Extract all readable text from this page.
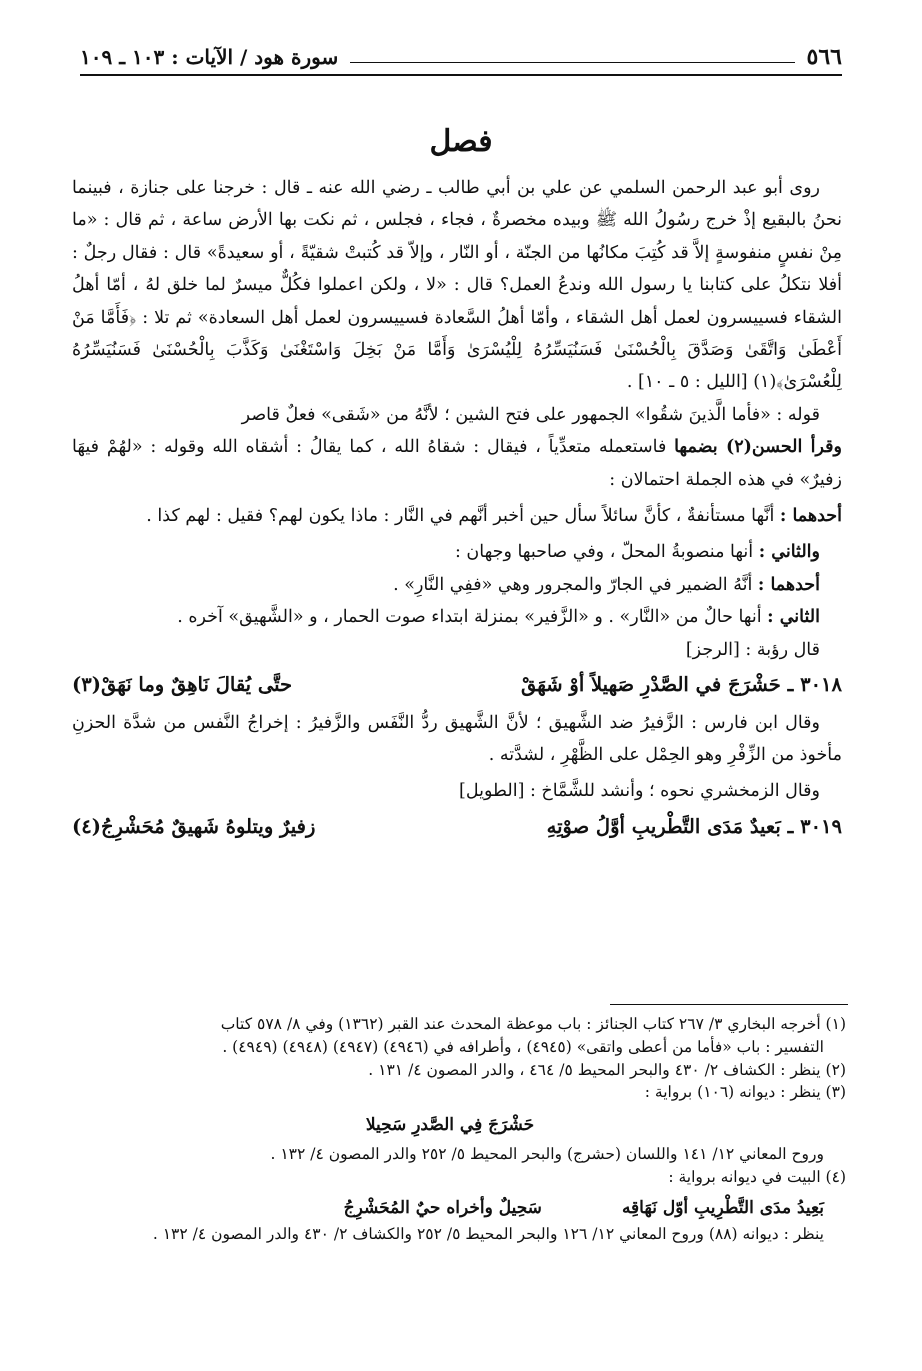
٥٦٦
سورة هود / الآيات : ١٠٣ ـ ١٠٩
فصل

روى أبو عبد الرحمن السلمي عن علي بن أبي طالب ـ رضي الله عنه ـ قال : خرجنا على جنازة ، فبينما نحنُ بالبقيع إذْ خرج رسُولُ الله ﷺ وبيده مخصرةٌ ، فجاء ، فجلس ، ثم نكت بها الأرض ساعة ، ثم قال : «ما مِنْ نفسٍ منفوسةٍ إلاَّ قد كُتِبَ مكانُها من الجنّة ، أو النّار ، وإلاّ قد كُتبتْ شقيّةً ، أو سعيدةً» قال : فقال رجلٌ : أفلا نتكلُ على كتابنا يا رسول الله وندعُ العمل؟ قال : «لا ، ولكن اعملوا فكُلٌّ ميسرٌ لما خلق لهُ ، أمّا أهلُ الشقاء فسييسرون لعمل أهل الشقاء ، وأمّا أهلُ السَّعادة فسييسرون لعمل أهل السعادة» ثم تلا : ﴿فَأَمَّا مَنْ أَعْطَىٰ وَاتَّقَىٰ وَصَدَّقَ بِالْحُسْنَىٰ فَسَنُيَسِّرُهُ لِلْيُسْرَىٰ وَأَمَّا مَنْ بَخِلَ وَاسْتَغْنَىٰ وَكَذَّبَ بِالْحُسْنَىٰ فَسَنُيَسِّرُهُ لِلْعُسْرَىٰ﴾(١) [الليل : ٥ ـ ١٠] .

قوله : «فأما الَّذينَ شقُوا» الجمهور على فتح الشين ؛ لأنَّهُ من «شَقى» فعلٌ قاصر

وقرأ الحسن(٢) بضمها فاستعمله متعدِّياً ، فيقال : شقاهُ الله ، كما يقالُ : أشقاه الله وقوله : «لهُمْ فيهَا زفيرٌ» في هذه الجملة احتمالان :

أحدهما : أنَّها مستأنفةٌ ، كأنَّ سائلاً سأل حين أخبر أنَّهم في النَّار : ماذا يكون لهم؟ فقيل : لهم كذا .

والثاني : أنها منصوبةُ المحلّ ، وفي صاحبها وجهان :

أحدهما : أنَّهُ الضمير في الجارّ والمجرور وهي «ففِي النَّارِ» .

الثاني : أنها حالٌ من «النَّار» . و «الزَّفير» بمنزلة ابتداء صوت الحمار ، و «الشَّهيق» آخره .

قال رؤبة : [الرجز]

٣٠١٨ ـ حَشْرَجَ في الصَّدْرِ صَهيلاً أوْ شَهَقْ
حتَّى يُقالَ نَاهِقٌ وما نَهَقْ(٣)

وقال ابن فارس : الزَّفيرُ ضد الشَّهيق ؛ لأنَّ الشَّهيق ردُّ النَّفَس والزَّفيرُ : إخراجُ النَّفس من شدَّة الحزنِ مأخوذ من الزِّفْرِ وهو الحِمْل على الظَّهْرِ ، لشدَّته .

وقال الزمخشري نحوه ؛ وأنشد للشَّمَّاخ : [الطويل]

٣٠١٩ ـ بَعيدٌ مَدَى التَّطْريبِ أوَّلُ صوْتِهِ
زفيرٌ ويتلوهُ شَهيقٌ مُحَشْرِجُ(٤)

(١) أخرجه البخاري ٣/ ٢٦٧ كتاب الجنائز : باب موعظة المحدث عند القبر (١٣٦٢) وفي ٨/ ٥٧٨ كتاب

التفسير : باب «فأما من أعطى واتقى» (٤٩٤٥) ، وأطرافه في (٤٩٤٦) (٤٩٤٧) (٤٩٤٨) (٤٩٤٩) .

(٢) ينظر : الكشاف ٢/ ٤٣٠ والبحر المحيط ٥/ ٤٦٤ ، والدر المصون ٤/ ١٣١ .

(٣) ينظر : ديوانه (١٠٦) برواية :

حَشْرَجَ فِي الصَّدرِ سَحِيلا

وروح المعاني ١٢/ ١٤١ واللسان (حشرج) والبحر المحيط ٥/ ٢٥٢ والدر المصون ٤/ ١٣٢ .

(٤) البيت في ديوانه برواية :

بَعِيدُ مدَى التَّطْرِيبِ أوّل نَهَاقِه
سَحِيلٌ وأخراه حيٌ المُحَشْرِجُ

ينظر : ديوانه (٨٨) وروح المعاني ١٢/ ١٢٦ والبحر المحيط ٥/ ٢٥٢ والكشاف ٢/ ٤٣٠ والدر المصون ٤/ ١٣٢ .
